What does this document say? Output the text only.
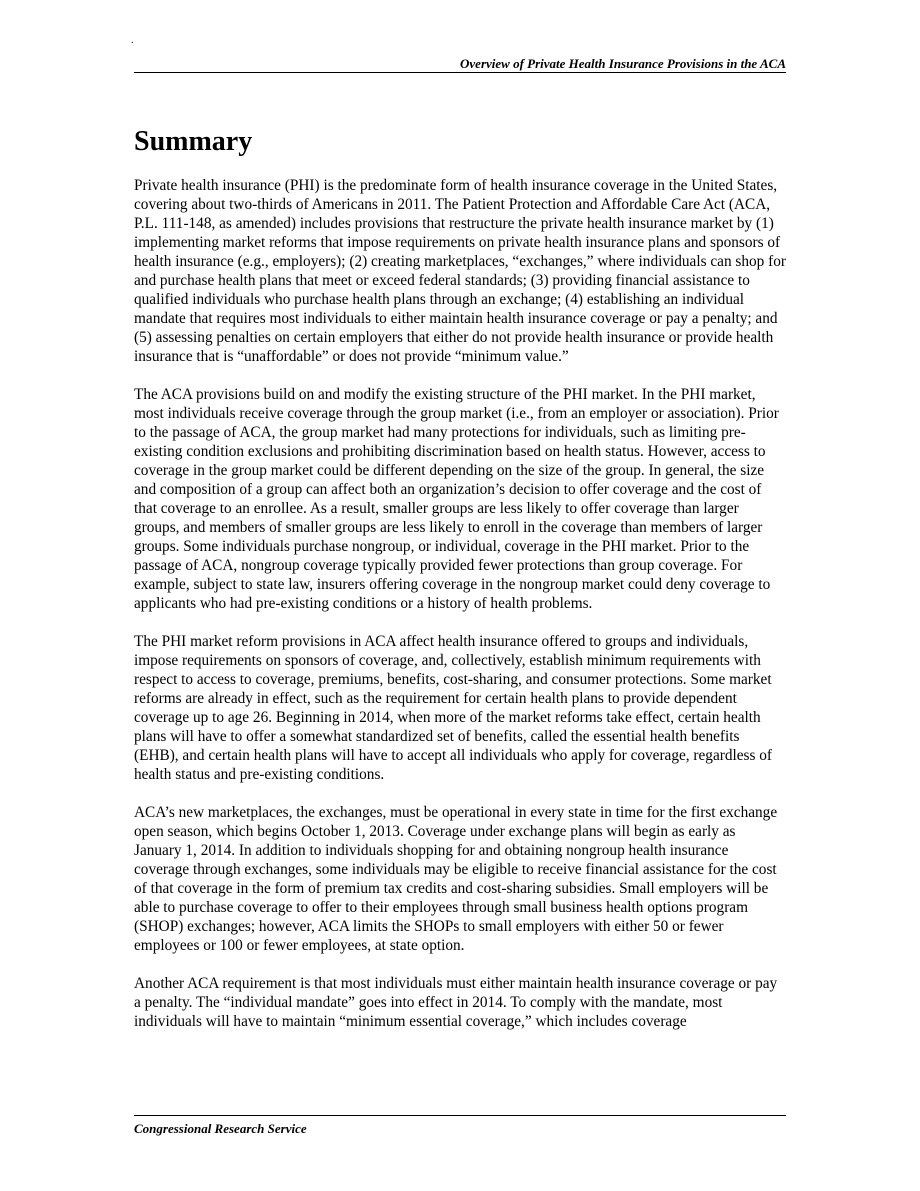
.
Overview of Private Health Insurance Provisions in the ACA
Summary

Private health insurance (PHI) is the predominate form of health insurance coverage in the United States, covering about two-thirds of Americans in 2011. The Patient Protection and Affordable Care Act (ACA, P.L. 111-148, as amended) includes provisions that restructure the private health insurance market by (1) implementing market reforms that impose requirements on private health insurance plans and sponsors of health insurance (e.g., employers); (2) creating marketplaces, “exchanges,” where individuals can shop for and purchase health plans that meet or exceed federal standards; (3) providing financial assistance to qualified individuals who purchase health plans through an exchange; (4) establishing an individual mandate that requires most individuals to either maintain health insurance coverage or pay a penalty; and (5) assessing penalties on certain employers that either do not provide health insurance or provide health insurance that is “unaffordable” or does not provide “minimum value.”

The ACA provisions build on and modify the existing structure of the PHI market. In the PHI market, most individuals receive coverage through the group market (i.e., from an employer or association). Prior to the passage of ACA, the group market had many protections for individuals, such as limiting pre-existing condition exclusions and prohibiting discrimination based on health status. However, access to coverage in the group market could be different depending on the size of the group. In general, the size and composition of a group can affect both an organization’s decision to offer coverage and the cost of that coverage to an enrollee. As a result, smaller groups are less likely to offer coverage than larger groups, and members of smaller groups are less likely to enroll in the coverage than members of larger groups. Some individuals purchase nongroup, or individual, coverage in the PHI market. Prior to the passage of ACA, nongroup coverage typically provided fewer protections than group coverage. For example, subject to state law, insurers offering coverage in the nongroup market could deny coverage to applicants who had pre-existing conditions or a history of health problems.

The PHI market reform provisions in ACA affect health insurance offered to groups and individuals, impose requirements on sponsors of coverage, and, collectively, establish minimum requirements with respect to access to coverage, premiums, benefits, cost-sharing, and consumer protections. Some market reforms are already in effect, such as the requirement for certain health plans to provide dependent coverage up to age 26. Beginning in 2014, when more of the market reforms take effect, certain health plans will have to offer a somewhat standardized set of benefits, called the essential health benefits (EHB), and certain health plans will have to accept all individuals who apply for coverage, regardless of health status and pre-existing conditions.

ACA’s new marketplaces, the exchanges, must be operational in every state in time for the first exchange open season, which begins October 1, 2013. Coverage under exchange plans will begin as early as January 1, 2014. In addition to individuals shopping for and obtaining nongroup health insurance coverage through exchanges, some individuals may be eligible to receive financial assistance for the cost of that coverage in the form of premium tax credits and cost-sharing subsidies. Small employers will be able to purchase coverage to offer to their employees through small business health options program (SHOP) exchanges; however, ACA limits the SHOPs to small employers with either 50 or fewer employees or 100 or fewer employees, at state option.

Another ACA requirement is that most individuals must either maintain health insurance coverage or pay a penalty. The “individual mandate” goes into effect in 2014. To comply with the mandate, most individuals will have to maintain “minimum essential coverage,” which includes coverage

Congressional Research Service
